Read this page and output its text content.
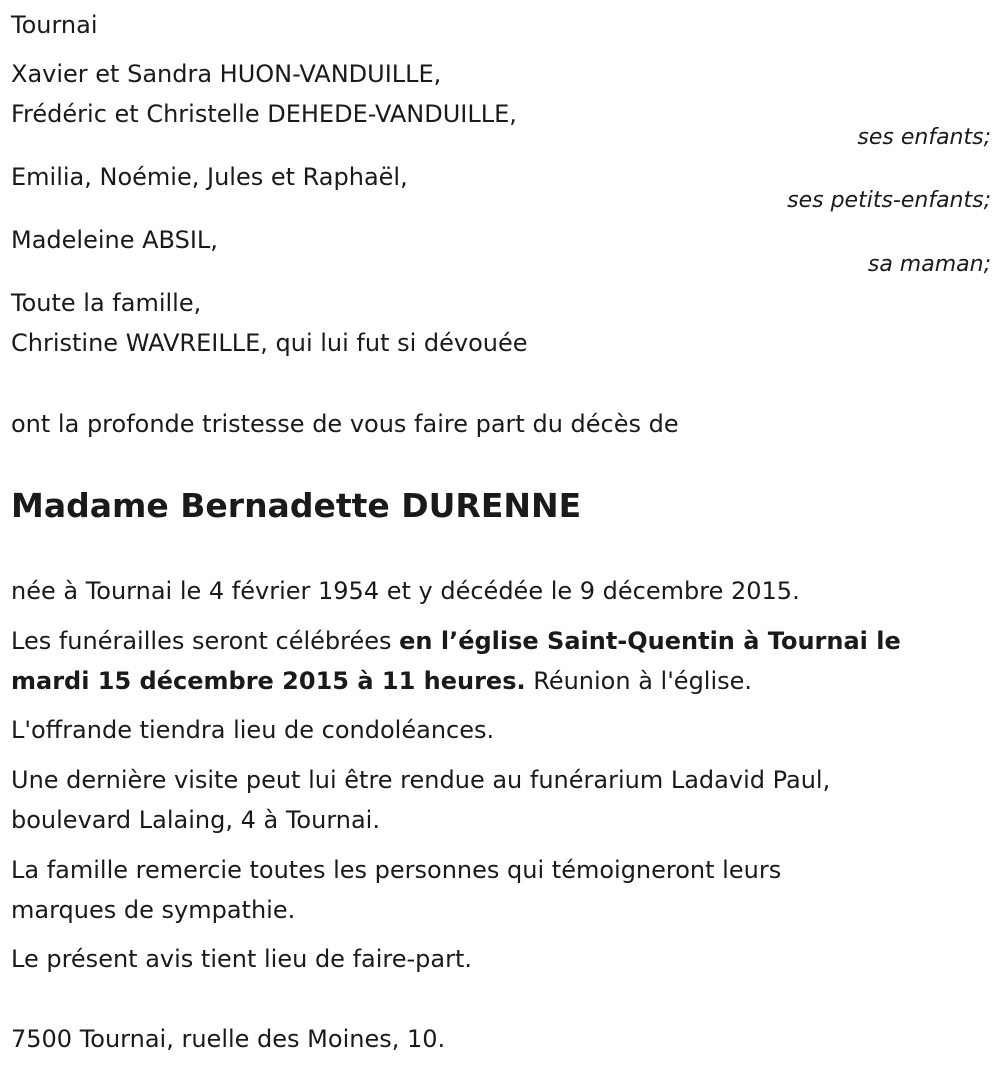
Tournai
Xavier et Sandra HUON-VANDUILLE,
Frédéric et Christelle DEHEDE-VANDUILLE,
ses enfants;
Emilia, Noémie, Jules et Raphaël,
ses petits-enfants;
Madeleine ABSIL,
sa maman;
Toute la famille,
Christine WAVREILLE, qui lui fut si dévouée
ont la profonde tristesse de vous faire part du décès de
Madame Bernadette DURENNE
née à Tournai le 4 février 1954 et y décédée le 9 décembre 2015.
Les funérailles seront célébrées en l’église Saint-Quentin à Tournai le
mardi 15 décembre 2015 à 11 heures. Réunion à l'église.
L'offrande tiendra lieu de condoléances.
Une dernière visite peut lui être rendue au funérarium Ladavid Paul,
boulevard Lalaing, 4 à Tournai.
La famille remercie toutes les personnes qui témoigneront leurs
marques de sympathie.
Le présent avis tient lieu de faire-part.
7500 Tournai, ruelle des Moines, 10.
